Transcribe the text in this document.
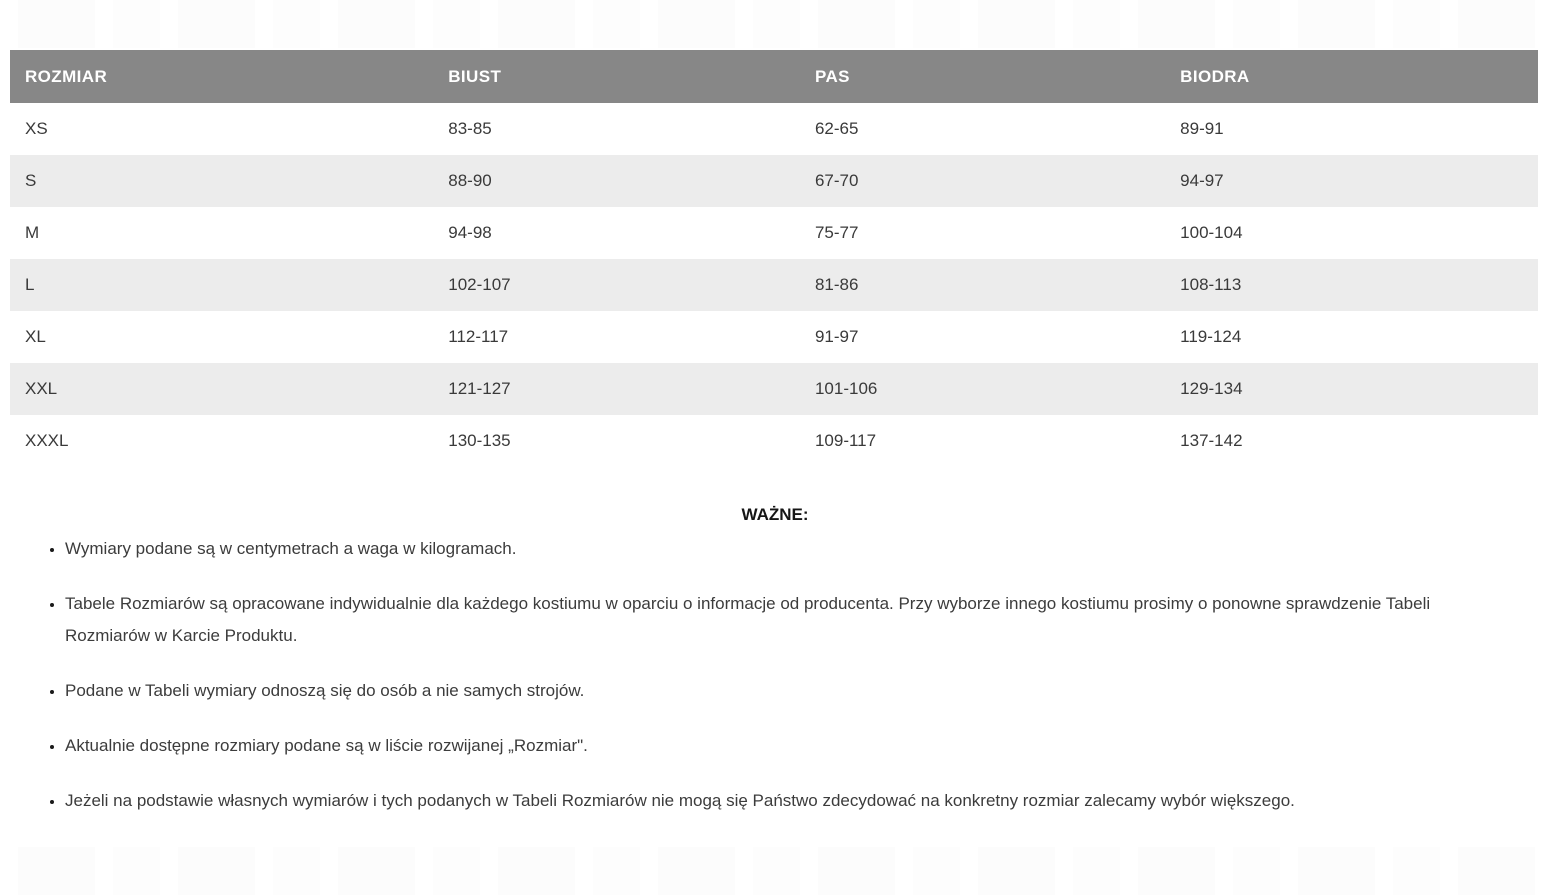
ROZMIAR	BIUST	PAS	BIODRA
XS	83-85	62-65	89-91
S	88-90	67-70	94-97
M	94-98	75-77	100-104
L	102-107	81-86	108-113
XL	112-117	91-97	119-124
XXL	121-127	101-106	129-134
XXXL	130-135	109-117	137-142

WAŻNE:

• Wymiary podane są w centymetrach a waga w kilogramach.
• Tabele Rozmiarów są opracowane indywidualnie dla każdego kostiumu w oparciu o informacje od producenta. Przy wyborze innego kostiumu prosimy o ponowne sprawdzenie Tabeli Rozmiarów w Karcie Produktu.
• Podane w Tabeli wymiary odnoszą się do osób a nie samych strojów.
• Aktualnie dostępne rozmiary podane są w liście rozwijanej „Rozmiar".
• Jeżeli na podstawie własnych wymiarów i tych podanych w Tabeli Rozmiarów nie mogą się Państwo zdecydować na konkretny rozmiar zalecamy wybór większego.
